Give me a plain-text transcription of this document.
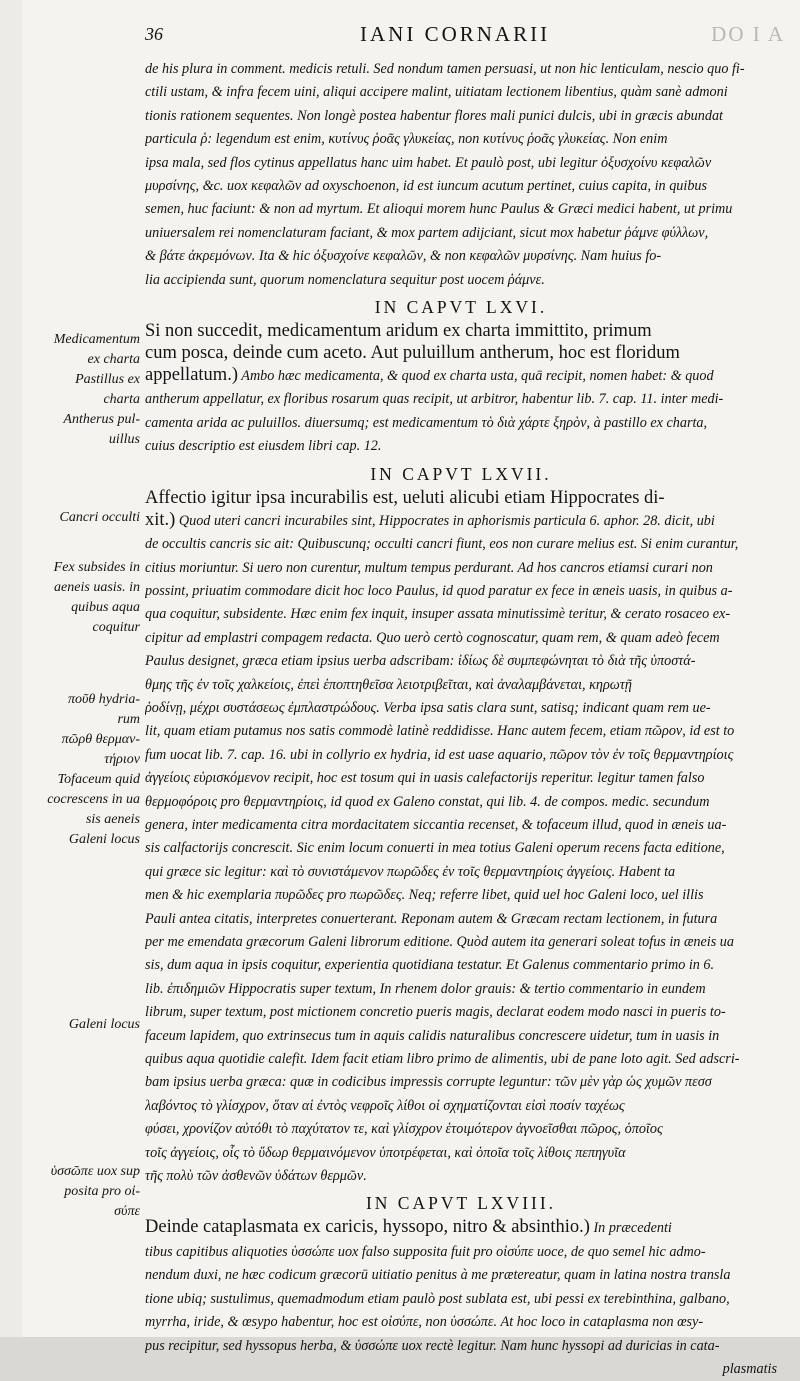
36	IANI CORNARII	DO I A
Medicamentum
ex charta
Pastillus ex
charta
Antherus pul-
uillus
Cancri occulti
Fex subsides in
aeneis uasis. in
quibus aqua
coquitur
ποῦθ hydria-
rum
πῶρθ θερμαν-
τήριον
Tofaceum quid
cocrescens in ua
sis aeneis
Galeni locus
Galeni locus
ὑσσῶπε uox sup
posita pro οἰ-
σύπε
de his plura in comment. medicis retuli. Sed nondum tamen persuasi, ut non hic lenticulam, nescio quo fi-
ctili ustam, & infra fecem uini, aliqui accipere malint, uitiatam lectionem libentius, quàm sanè admoni
tionis rationem sequentes. Non longè postea habentur flores mali punici dulcis, ubi in græcis abundat
particula ῥ: legendum est enim, κυτίνυς ῥοᾶς γλυκείας, non κυτίνυς ῥοᾶς γλυκείας. Non enim
ipsa mala, sed flos cytinus appellatus hanc uim habet. Et paulò post, ubi legitur ὀξυσχοίνυ κεφαλῶν
μυρσίνης, &c. uox κεφαλῶν ad oxyschoenon, id est iuncum acutum pertinet, cuius capita, in quibus
semen, huc faciunt: & non ad myrtum. Et alioqui morem hunc Paulus & Græci medici habent, ut primu
uniuersalem rei nomenclaturam faciant, & mox partem adijciant, sicut mox habetur ῥάμνε φύλλων,
& βάτε ἀκρεμόνων. Ita & hic ὀξυσχοίνε κεφαλῶν, & non κεφαλῶν μυρσίνης. Nam huius fo-
lia accipienda sunt, quorum nomenclatura sequitur post uocem ῥάμνε.
IN CAPVT LXVI.
Si non succedit, medicamentum aridum ex charta immittito, primum
cum posca, deinde cum aceto. Aut puluillum antherum, hoc est floridum
appellatum.) Ambo hæc medicamenta, & quod ex charta usta, quā recipit, nomen habet: & quod
antherum appellatur, ex floribus rosarum quas recipit, ut arbitror, habentur lib. 7. cap. 11. inter medi-
camenta arida ac puluillos. diuersumq; est medicamentum τὸ διὰ χάρτε ξηρὸν, à pastillo ex charta,
cuius descriptio est eiusdem libri cap. 12.
IN CAPVT LXVII.
Affectio igitur ipsa incurabilis est, ueluti alicubi etiam Hippocrates di-
xit.) Quod uteri cancri incurabiles sint, Hippocrates in aphorismis particula 6. aphor. 28. dicit, ubi
de occultis cancris sic ait: Quibuscunq; occulti cancri fiunt, eos non curare melius est. Si enim curantur,
citius moriuntur. Si uero non curentur, multum tempus perdurant. Ad hos cancros etiamsi curari non
possint, priuatim commodare dicit hoc loco Paulus, id quod paratur ex fece in æneis uasis, in quibus a-
qua coquitur, subsidente. Hæc enim fex inquit, insuper assata minutissimè teritur, & cerato rosaceo ex-
cipitur ad emplastri compagem redacta. Quo uerò certò cognoscatur, quam rem, & quam adeò fecem
Paulus designet, græca etiam ipsius uerba adscribam: ἰδίως δὲ συμπεφώνηται τὸ διὰ τῆς ὑποστά-
θμης τῆς ἐν τοῖς χαλκείοις, ἐπεὶ ἑποπτηθεῖσα λειοτριβεῖται, καὶ ἀναλαμβάνεται, κηρωτῇ
ῥοδίνῃ, μέχρι συστάσεως ἐμπλαστρώδους. Verba ipsa satis clara sunt, satisq; indicant quam rem ue-
lit, quam etiam putamus nos satis commodè latinè reddidisse. Hanc autem fecem, etiam πῶρον, id est to
fum uocat lib. 7. cap. 16. ubi in collyrio ex hydria, id est uase aquario, πῶρον τὸν ἐν τοῖς θερμαντηρίοις
ἀγγείοις εὑρισκόμενον recipit, hoc est tosum qui in uasis calefactorijs reperitur. legitur tamen falso
θερμοφόροις pro θερμαντηρίοις, id quod ex Galeno constat, qui lib. 4. de compos. medic. secundum
genera, inter medicamenta citra mordacitatem siccantia recenset, & tofaceum illud, quod in æneis ua-
sis calfactorijs concrescit. Sic enim locum conuerti in mea totius Galeni operum recens facta editione,
qui græce sic legitur: καὶ τὸ συνιστάμενον πωρῶδες ἐν τοῖς θερμαντηρίοις ἀγγείοις. Habent ta
men & hic exemplaria πυρῶδες pro πωρῶδες. Neq; referre libet, quid uel hoc Galeni loco, uel illis
Pauli antea citatis, interpretes conuerterant. Reponam autem & Græcam rectam lectionem, in futura
per me emendata græcorum Galeni librorum editione. Quòd autem ita generari soleat tofus in æneis ua
sis, dum aqua in ipsis coquitur, experientia quotidiana testatur. Et Galenus commentario primo in 6.
lib. ἐπιδημιῶν Hippocratis super textum, In rhenem dolor grauis: & tertio commentario in eundem
librum, super textum, post mictionem concretio pueris magis, declarat eodem modo nasci in pueris to-
faceum lapidem, quo extrinsecus tum in aquis calidis naturalibus concrescere uidetur, tum in uasis in
quibus aqua quotidie calefit. Idem facit etiam libro primo de alimentis, ubi de pane loto agit. Sed adscri-
bam ipsius uerba græca: quæ in codicibus impressis corrupte leguntur: τῶν μὲν γὰρ ὡς χυμῶν πεσσ
λαβόντος τὸ γλίσχρον, ὅταν αἱ ἐντὸς νεφροῖς λίθοι οἱ σχηματίζονται εἰσὶ ποσίν ταχέως
φύσει, χρονίζον αὐτόθι τὸ παχύτατον τε, καὶ γλίσχρον ἑτοιμότερον ἀγνοεῖσθαι πῶρος, ὁποῖος
τοῖς ἀγγείοις, οἷς τὸ ὕδωρ θερμαινόμενον ὑποτρέφεται, καὶ ὁποῖα τοῖς λίθοις πεπηγυῖα
τῆς πολὺ τῶν ἀσθενῶν ὑδάτων θερμῶν.
IN CAPVT LXVIII.
Deinde cataplasmata ex caricis, hyssopo, nitro & absinthio.) In præcedenti
tibus capitibus aliquoties ὑσσώπε uox falso supposita fuit pro οἰσύπε uoce, de quo semel hic admo-
nendum duxi, ne hæc codicum græcorū uitiatio penitus à me prætereatur, quam in latina nostra transla
tione ubiq; sustulimus, quemadmodum etiam paulò post sublata est, ubi pessi ex terebinthina, galbano,
myrrha, iride, & œsypo habentur, hoc est οἰσύπε, non ὑσσώπε. At hoc loco in cataplasma non œsy-
pus recipitur, sed hyssopus herba, & ὑσσώπε uox rectè legitur. Nam hunc hyssopi ad duricias in cata-
plasmatis
